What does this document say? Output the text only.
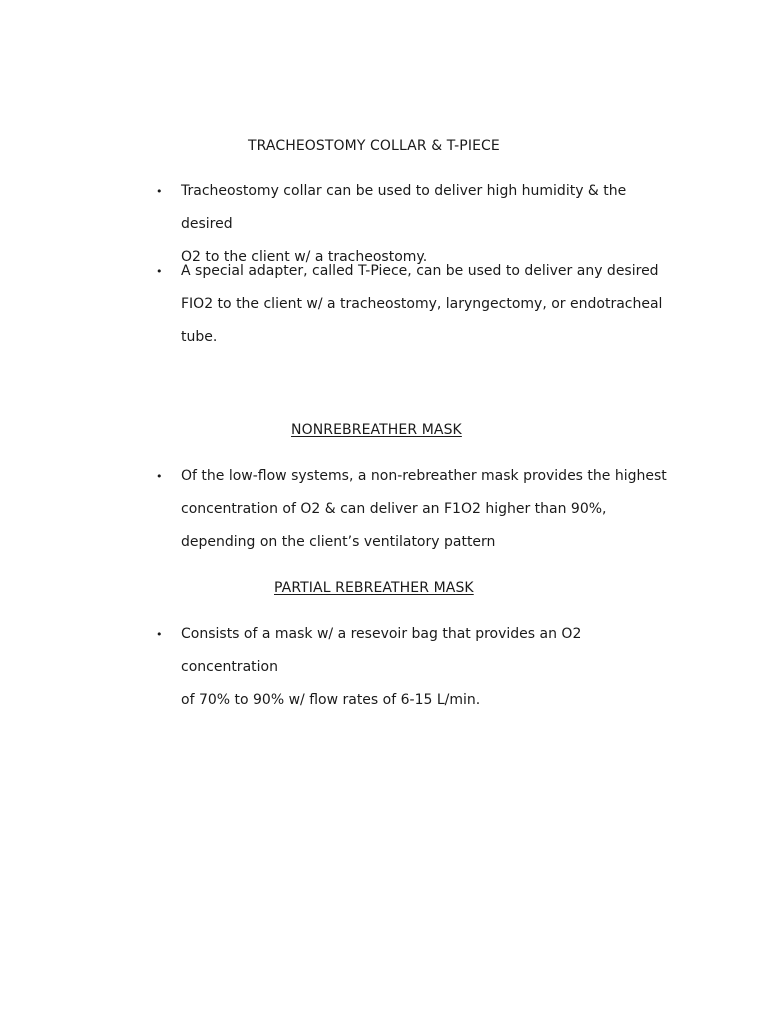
TRACHEOSTOMY COLLAR & T-PIECE
• Tracheostomy collar can be used to deliver high humidity & the desired
O2 to the client w/ a tracheostomy.
• A special adapter, called T-Piece, can be used to deliver any desired
FIO2 to the client w/ a tracheostomy, laryngectomy, or endotracheal
tube.
NONREBREATHER MASK
• Of the low-flow systems, a non-rebreather mask provides the highest
concentration of O2 & can deliver an F1O2 higher than 90%,
depending on the client’s ventilatory pattern
PARTIAL REBREATHER MASK
• Consists of a mask w/ a resevoir bag that provides an O2 concentration
of 70% to 90% w/ flow rates of 6-15 L/min.
